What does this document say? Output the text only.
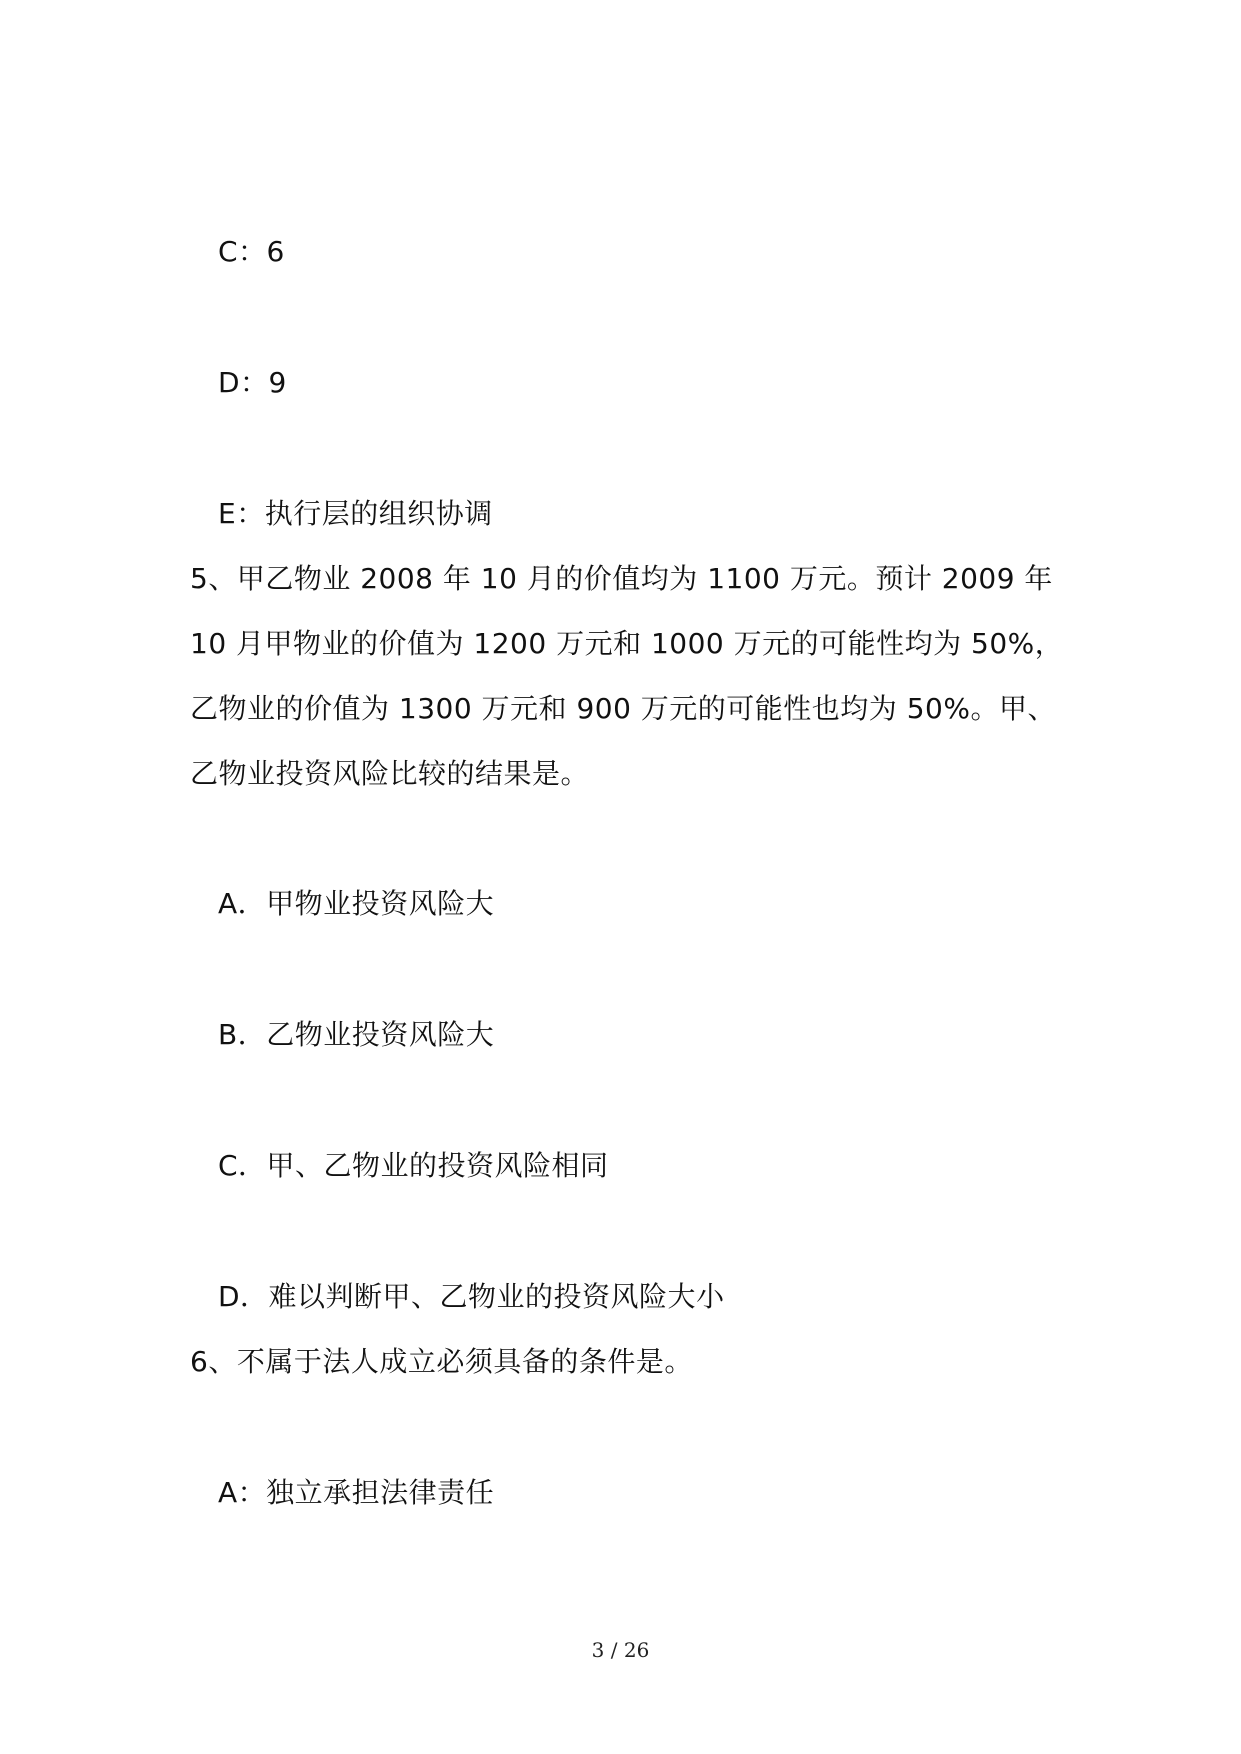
C：6
D：9
E：执行层的组织协调
5、甲乙物业 2008 年 10 月的价值均为 1100 万元。预计 2009 年
10 月甲物业的价值为 1200 万元和 1000 万元的可能性均为 50%，
乙物业的价值为 1300 万元和 900 万元的可能性也均为 50%。甲、
乙物业投资风险比较的结果是。
A．甲物业投资风险大
B．乙物业投资风险大
C．甲、乙物业的投资风险相同
D．难以判断甲、乙物业的投资风险大小
6、不属于法人成立必须具备的条件是。
A：独立承担法律责任
3 / 26
